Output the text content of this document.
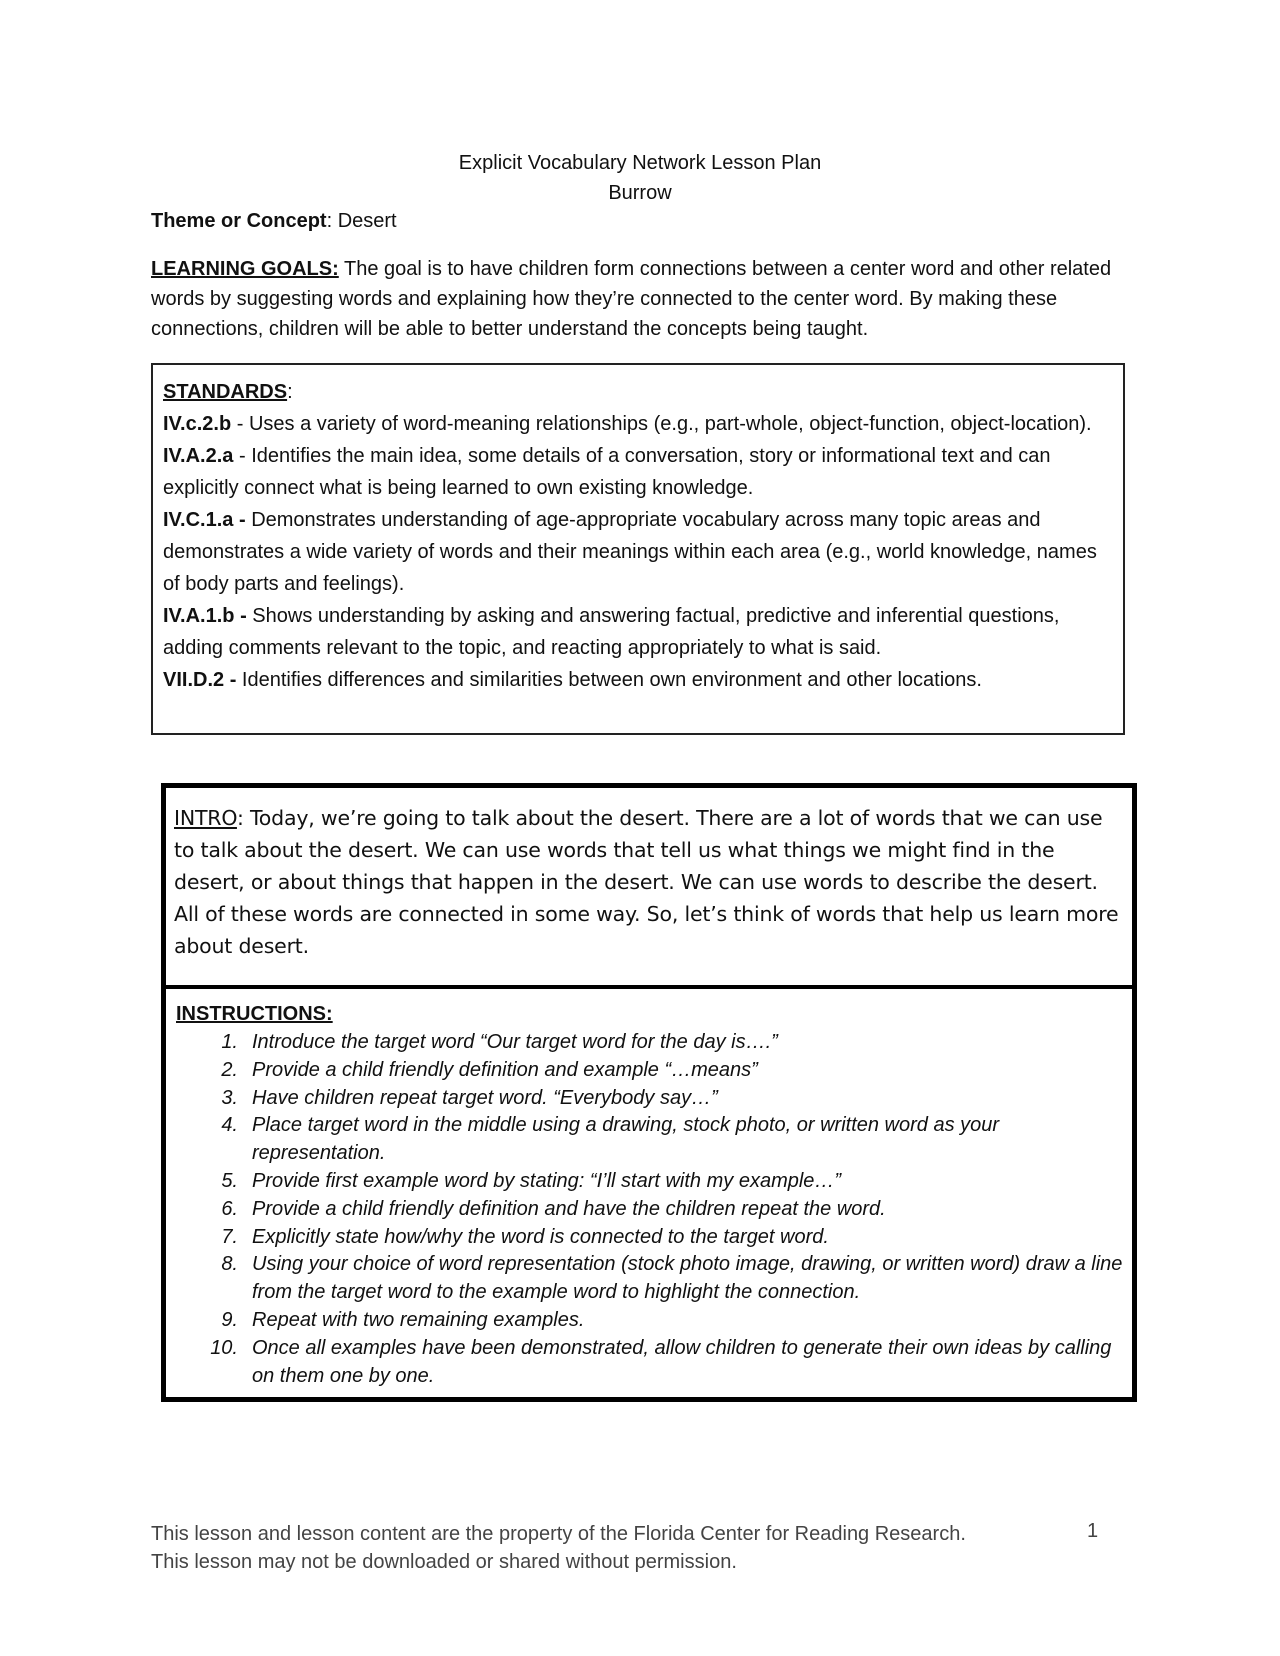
Explicit Vocabulary Network Lesson Plan
Burrow
Theme or Concept: Desert
LEARNING GOALS: The goal is to have children form connections between a center word and other related words by suggesting words and explaining how they’re connected to the center word. By making these connections, children will be able to better understand the concepts being taught.

STANDARDS:

IV.c.2.b - Uses a variety of word-meaning relationships (e.g., part-whole, object-function, object-location).

IV.A.2.a - Identifies the main idea, some details of a conversation, story or informational text and can explicitly connect what is being learned to own existing knowledge.

IV.C.1.a - Demonstrates understanding of age-appropriate vocabulary across many topic areas and demonstrates a wide variety of words and their meanings within each area (e.g., world knowledge, names of body parts and feelings).

IV.A.1.b - Shows understanding by asking and answering factual, predictive and inferential questions, adding comments relevant to the topic, and reacting appropriately to what is said.

VII.D.2 - Identifies differences and similarities between own environment and other locations.

INTRO: Today, we’re going to talk about the desert. There are a lot of words that we can use to talk about the desert. We can use words that tell us what things we might find in the desert, or about things that happen in the desert. We can use words to describe the desert. All of these words are connected in some way. So, let’s think of words that help us learn more about desert.
INSTRUCTIONS:
1. Introduce the target word “Our target word for the day is….”
2. Provide a child friendly definition and example “…means”
3. Have children repeat target word. “Everybody say…”
4. Place target word in the middle using a drawing, stock photo, or written word as your representation.
5. Provide first example word by stating: “I’ll start with my example…”
6. Provide a child friendly definition and have the children repeat the word.
7. Explicitly state how/why the word is connected to the target word.
8. Using your choice of word representation (stock photo image, drawing, or written word) draw a line from the target word to the example word to highlight the connection.
9. Repeat with two remaining examples.
10. Once all examples have been demonstrated, allow children to generate their own ideas by calling on them one by one.
This lesson and lesson content are the property of the Florida Center for Reading Research.
This lesson may not be downloaded or shared without permission.
1
